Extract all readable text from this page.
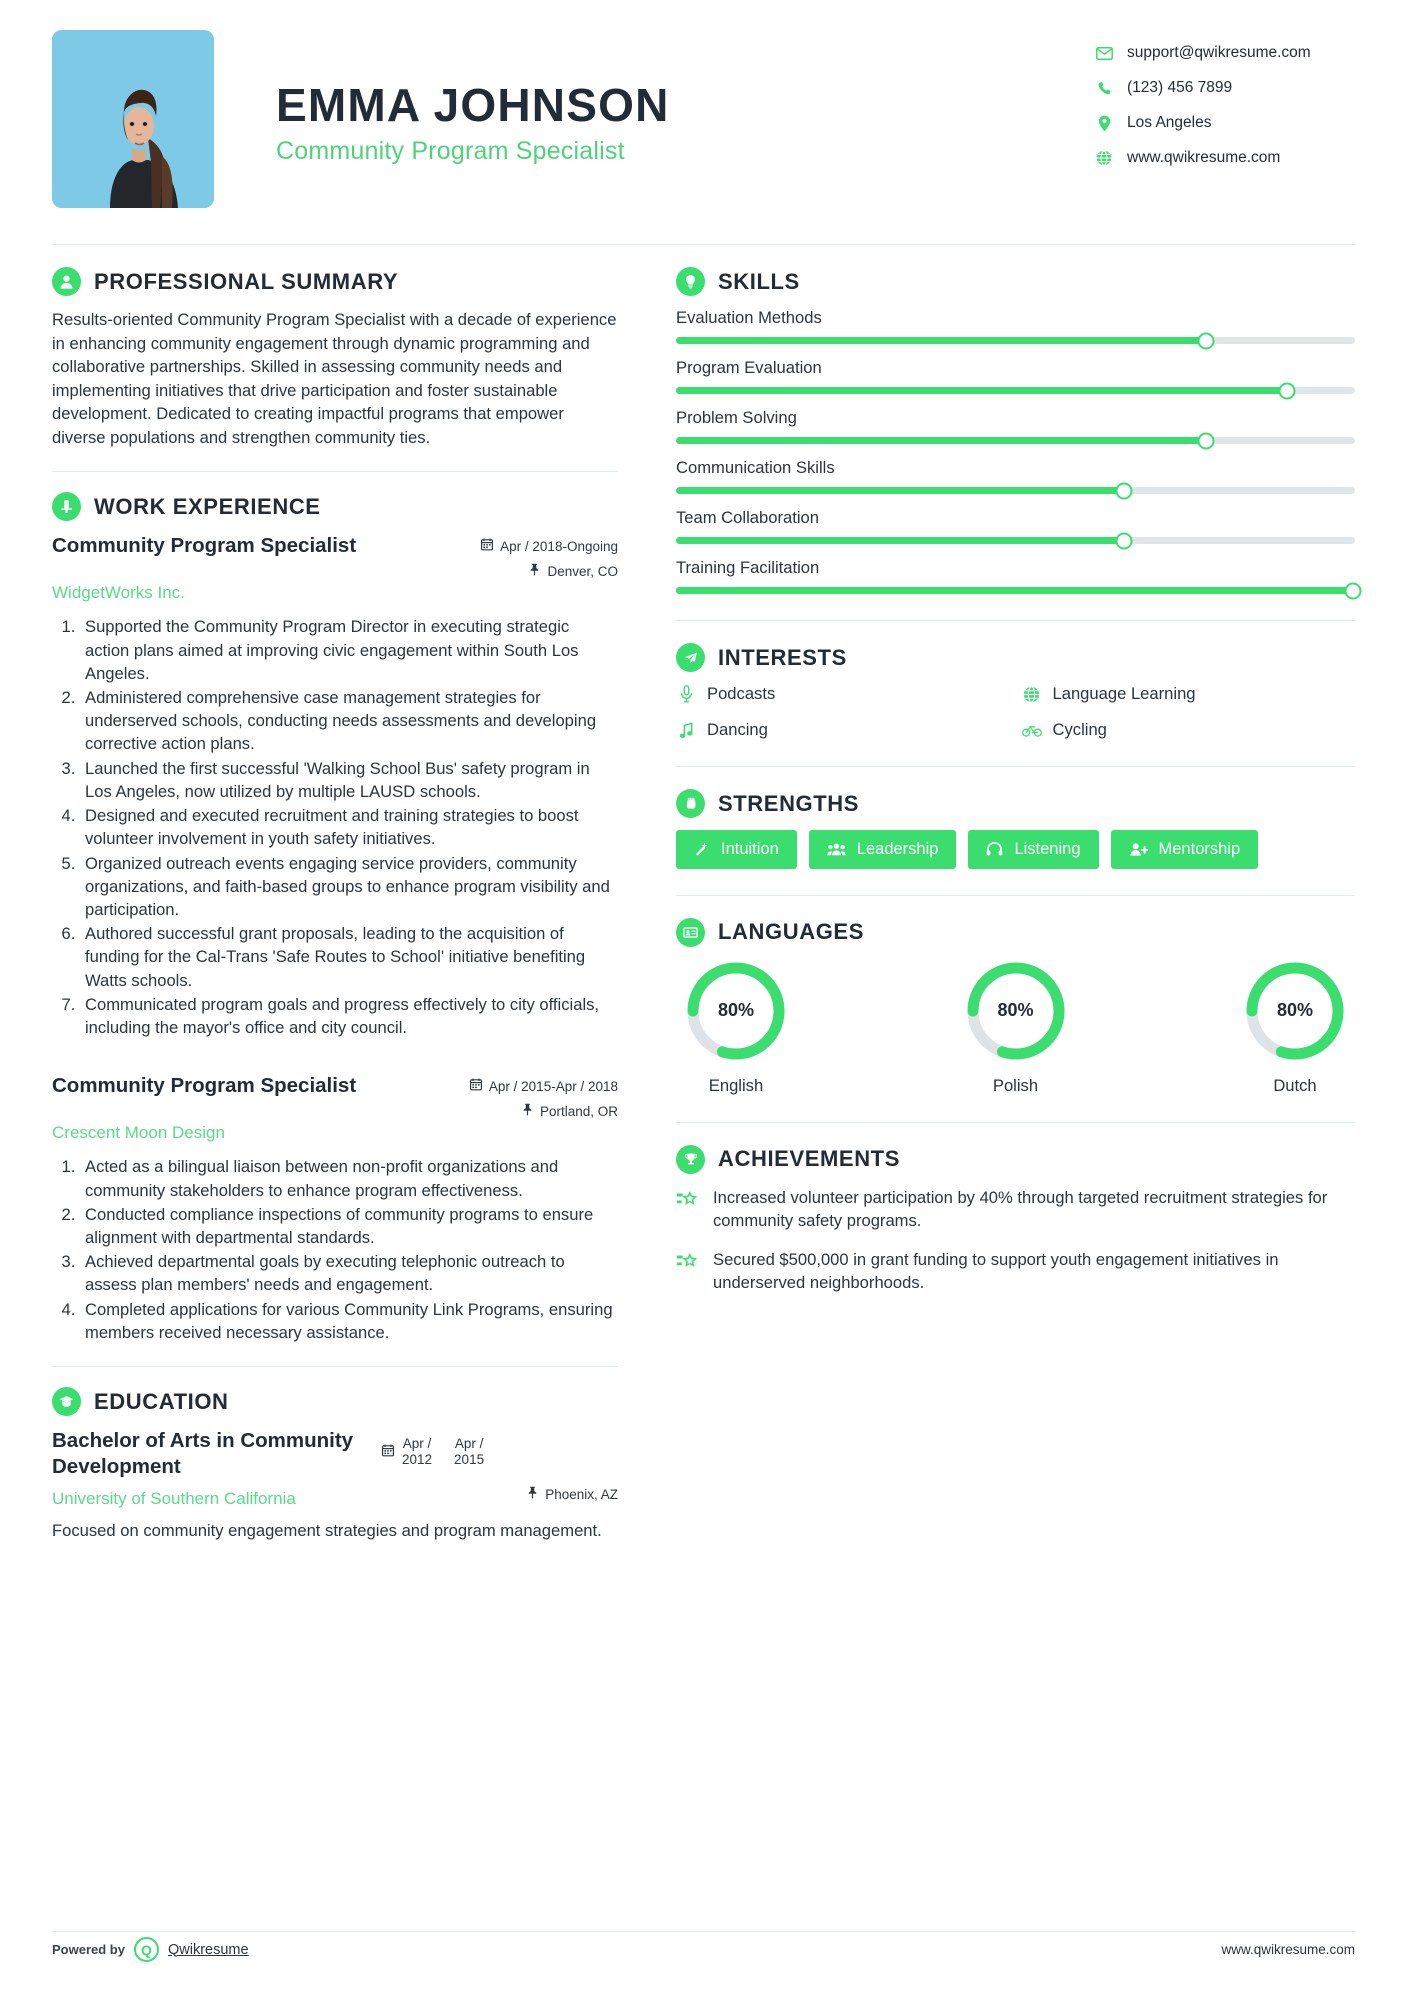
EMMA JOHNSON
Community Program Specialist
support@qwikresume.com
(123) 456 7899
Los Angeles
www.qwikresume.com
PROFESSIONAL SUMMARY
Results-oriented Community Program Specialist with a decade of experience in enhancing community engagement through dynamic programming and collaborative partnerships. Skilled in assessing community needs and implementing initiatives that drive participation and foster sustainable development. Dedicated to creating impactful programs that empower diverse populations and strengthen community ties.
WORK EXPERIENCE
Community Program Specialist	Apr / 2018-Ongoing
Denver, CO
WidgetWorks Inc.
1. Supported the Community Program Director in executing strategic action plans aimed at improving civic engagement within South Los Angeles.
2. Administered comprehensive case management strategies for underserved schools, conducting needs assessments and developing corrective action plans.
3. Launched the first successful 'Walking School Bus' safety program in Los Angeles, now utilized by multiple LAUSD schools.
4. Designed and executed recruitment and training strategies to boost volunteer involvement in youth safety initiatives.
5. Organized outreach events engaging service providers, community organizations, and faith-based groups to enhance program visibility and participation.
6. Authored successful grant proposals, leading to the acquisition of funding for the Cal-Trans 'Safe Routes to School' initiative benefiting Watts schools.
7. Communicated program goals and progress effectively to city officials, including the mayor's office and city council.
Community Program Specialist	Apr / 2015-Apr / 2018
Portland, OR
Crescent Moon Design
1. Acted as a bilingual liaison between non-profit organizations and community stakeholders to enhance program effectiveness.
2. Conducted compliance inspections of community programs to ensure alignment with departmental standards.
3. Achieved departmental goals by executing telephonic outreach to assess plan members' needs and engagement.
4. Completed applications for various Community Link Programs, ensuring members received necessary assistance.
EDUCATION
Bachelor of Arts in Community Development
Apr /
2012
Apr /
2015
University of Southern California	Phoenix, AZ
Focused on community engagement strategies and program management.
SKILLS
Evaluation Methods
Program Evaluation
Problem Solving
Communication Skills
Team Collaboration
Training Facilitation
INTERESTS
Podcasts	Language Learning
Dancing	Cycling
STRENGTHS
Intuition	Leadership	Listening	Mentorship
LANGUAGES
80%
English
80%
Polish
80%
Dutch
ACHIEVEMENTS
Increased volunteer participation by 40% through targeted recruitment strategies for community safety programs.
Secured $500,000 in grant funding to support youth engagement initiatives in underserved neighborhoods.
Powered by	Q	Qwikresume	www.qwikresume.com
